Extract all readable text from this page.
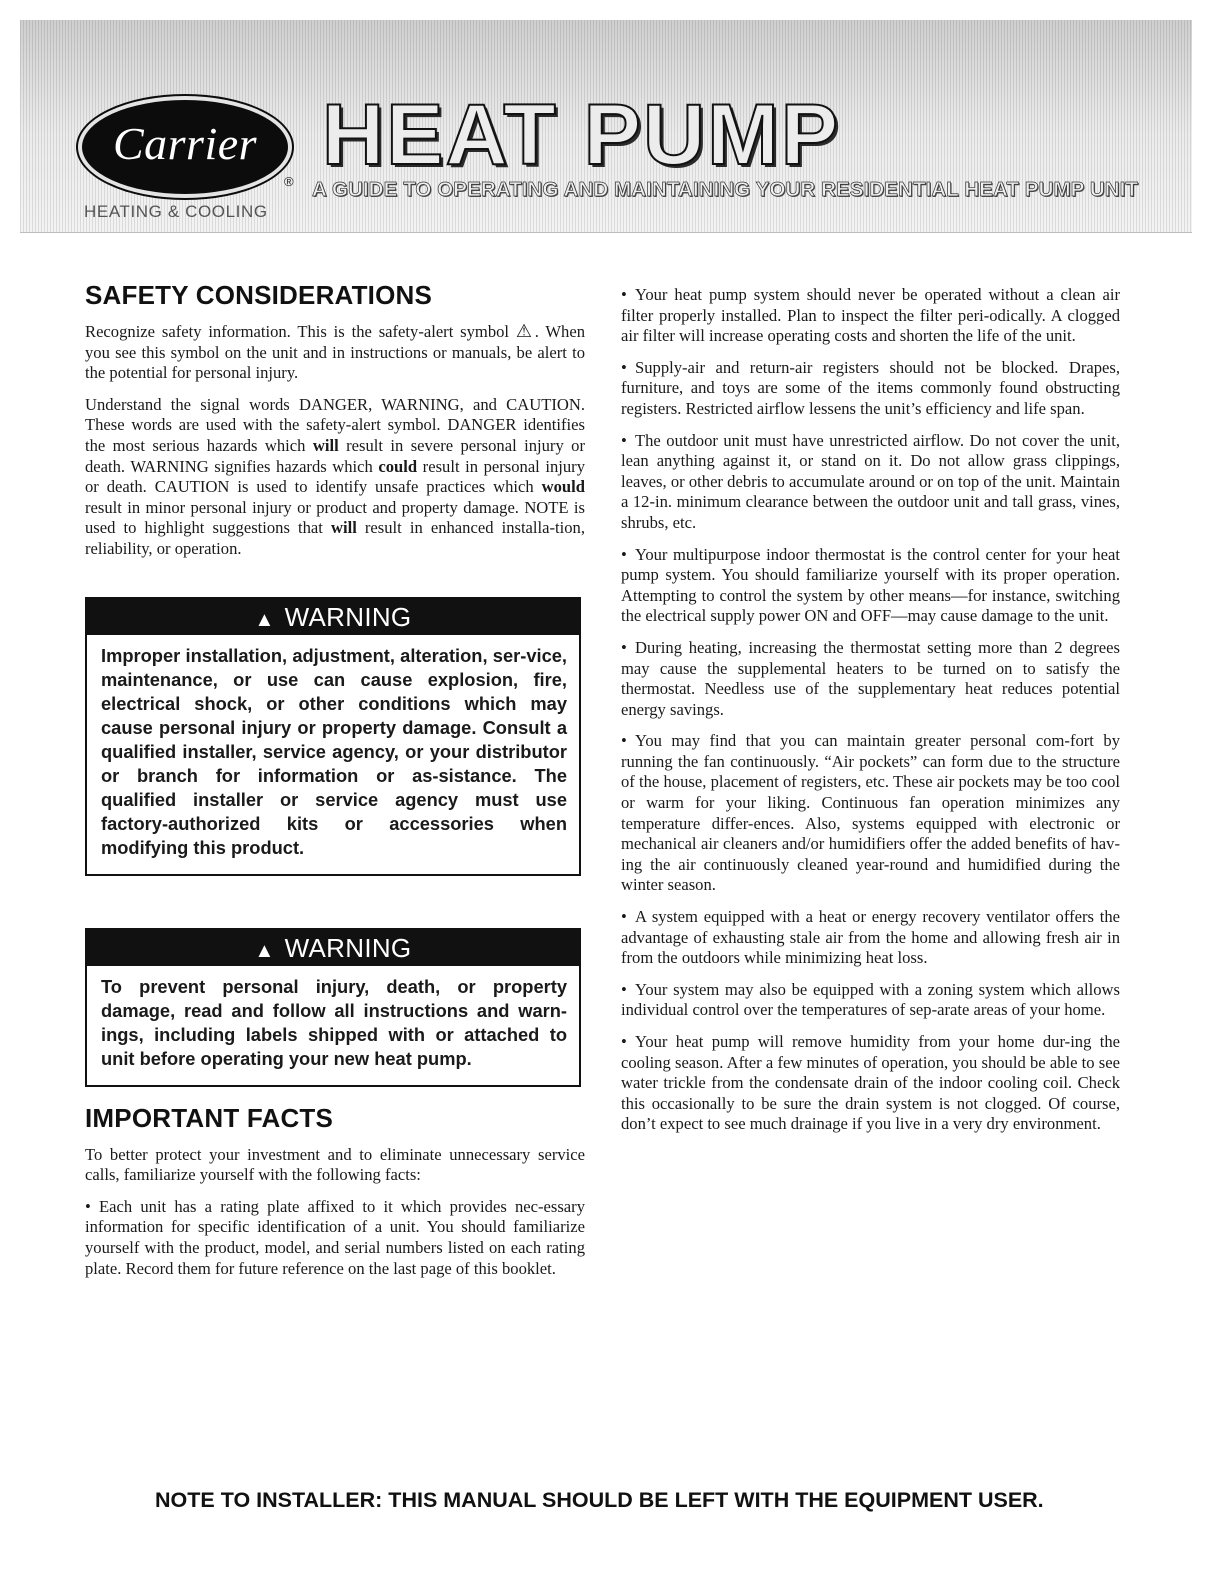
Carrier
®
HEATING & COOLING
HEAT PUMP
A GUIDE TO OPERATING AND MAINTAINING YOUR RESIDENTIAL HEAT PUMP UNIT
SAFETY CONSIDERATIONS

Recognize safety information. This is the safety-alert symbol ⚠. When you see this symbol on the unit and in instructions or manuals, be alert to the potential for personal injury.

Understand the signal words DANGER, WARNING, and CAUTION. These words are used with the safety-alert symbol. DANGER identifies the most serious hazards which will result in severe personal injury or death. WARNING signifies hazards which could result in personal injury or death. CAUTION is used to identify unsafe practices which would result in minor personal injury or product and property damage. NOTE is used to highlight suggestions that will result in enhanced installa-tion, reliability, or operation.

▲ WARNING
Improper installation, adjustment, alteration, ser-vice, maintenance, or use can cause explosion, fire, electrical shock, or other conditions which may cause personal injury or property damage. Consult a qualified installer, service agency, or your distributor or branch for information or as-sistance. The qualified installer or service agency must use factory-authorized kits or accessories when modifying this product.
▲ WARNING
To prevent personal injury, death, or property damage, read and follow all instructions and warn-ings, including labels shipped with or attached to unit before operating your new heat pump.
IMPORTANT FACTS

To better protect your investment and to eliminate unnecessary service calls, familiarize yourself with the following facts:

• Each unit has a rating plate affixed to it which provides nec-essary information for specific identification of a unit. You should familiarize yourself with the product, model, and serial numbers listed on each rating plate. Record them for future reference on the last page of this booklet.

• Your heat pump system should never be operated without a clean air filter properly installed. Plan to inspect the filter peri-odically. A clogged air filter will increase operating costs and shorten the life of the unit.

• Supply-air and return-air registers should not be blocked. Drapes, furniture, and toys are some of the items commonly found obstructing registers. Restricted airflow lessens the unit’s efficiency and life span.

• The outdoor unit must have unrestricted airflow. Do not cover the unit, lean anything against it, or stand on it. Do not allow grass clippings, leaves, or other debris to accumulate around or on top of the unit. Maintain a 12-in. minimum clearance between the outdoor unit and tall grass, vines, shrubs, etc.

• Your multipurpose indoor thermostat is the control center for your heat pump system. You should familiarize yourself with its proper operation. Attempting to control the system by other means—for instance, switching the electrical supply power ON and OFF—may cause damage to the unit.

• During heating, increasing the thermostat setting more than 2 degrees may cause the supplemental heaters to be turned on to satisfy the thermostat. Needless use of the supplementary heat reduces potential energy savings.

• You may find that you can maintain greater personal com-fort by running the fan continuously. “Air pockets” can form due to the structure of the house, placement of registers, etc. These air pockets may be too cool or warm for your liking. Continuous fan operation minimizes any temperature differ-ences. Also, systems equipped with electronic or mechanical air cleaners and/or humidifiers offer the added benefits of hav-ing the air continuously cleaned year-round and humidified during the winter season.

• A system equipped with a heat or energy recovery ventilator offers the advantage of exhausting stale air from the home and allowing fresh air in from the outdoors while minimizing heat loss.

• Your system may also be equipped with a zoning system which allows individual control over the temperatures of sep-arate areas of your home.

• Your heat pump will remove humidity from your home dur-ing the cooling season. After a few minutes of operation, you should be able to see water trickle from the condensate drain of the indoor cooling coil. Check this occasionally to be sure the drain system is not clogged. Of course, don’t expect to see much drainage if you live in a very dry environment.

NOTE TO INSTALLER: THIS MANUAL SHOULD BE LEFT WITH THE EQUIPMENT USER.
